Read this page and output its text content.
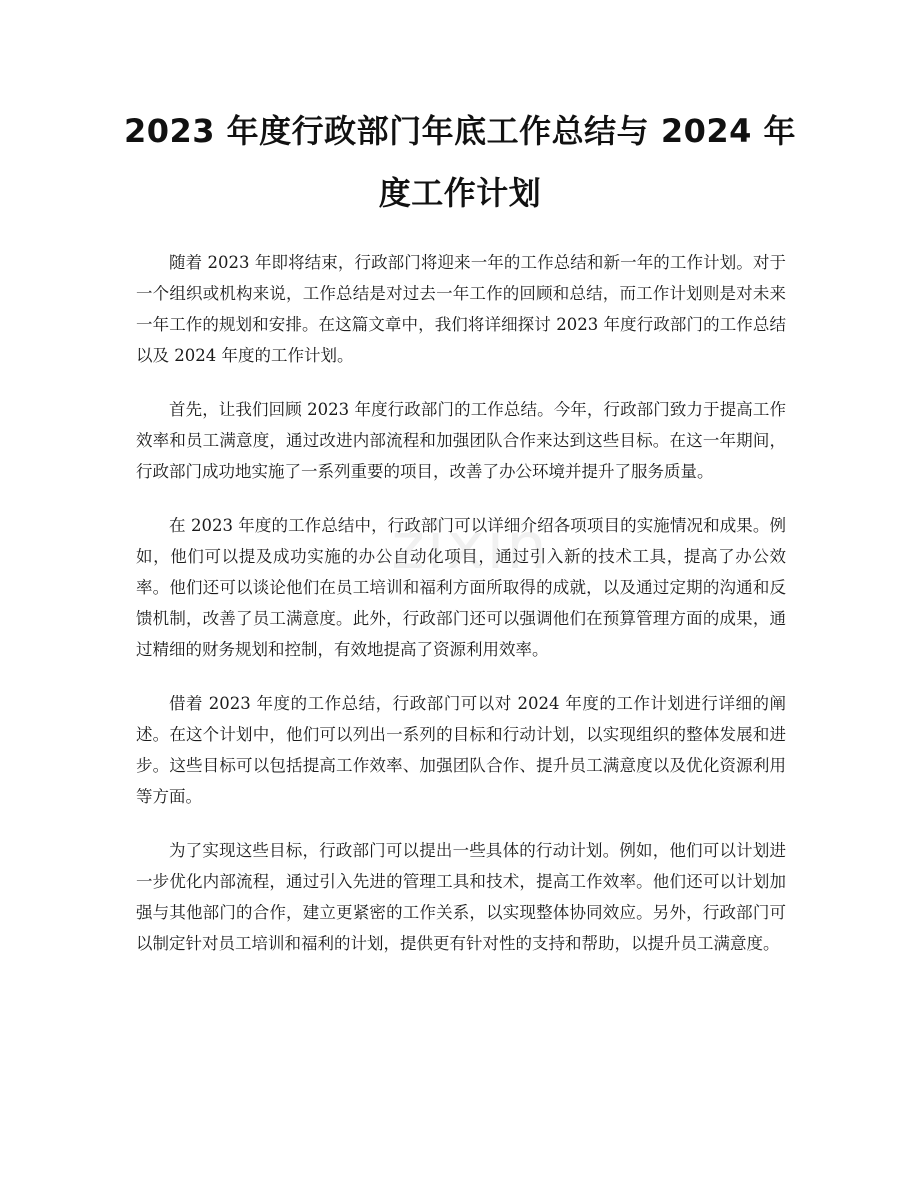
2023 年度行政部门年底工作总结与 2024 年度工作计划
zixin

随着 2023 年即将结束，行政部门将迎来一年的工作总结和新一年的工作计划。对于一个组织或机构来说，工作总结是对过去一年工作的回顾和总结，而工作计划则是对未来一年工作的规划和安排。在这篇文章中，我们将详细探讨 2023 年度行政部门的工作总结以及 2024 年度的工作计划。

首先，让我们回顾 2023 年度行政部门的工作总结。今年，行政部门致力于提高工作效率和员工满意度，通过改进内部流程和加强团队合作来达到这些目标。在这一年期间，行政部门成功地实施了一系列重要的项目，改善了办公环境并提升了服务质量。

在 2023 年度的工作总结中，行政部门可以详细介绍各项项目的实施情况和成果。例如，他们可以提及成功实施的办公自动化项目，通过引入新的技术工具，提高了办公效率。他们还可以谈论他们在员工培训和福利方面所取得的成就，以及通过定期的沟通和反馈机制，改善了员工满意度。此外，行政部门还可以强调他们在预算管理方面的成果，通过精细的财务规划和控制，有效地提高了资源利用效率。

借着 2023 年度的工作总结，行政部门可以对 2024 年度的工作计划进行详细的阐述。在这个计划中，他们可以列出一系列的目标和行动计划，以实现组织的整体发展和进步。这些目标可以包括提高工作效率、加强团队合作、提升员工满意度以及优化资源利用等方面。

为了实现这些目标，行政部门可以提出一些具体的行动计划。例如，他们可以计划进一步优化内部流程，通过引入先进的管理工具和技术，提高工作效率。他们还可以计划加强与其他部门的合作，建立更紧密的工作关系，以实现整体协同效应。另外，行政部门可以制定针对员工培训和福利的计划，提供更有针对性的支持和帮助，以提升员工满意度。
